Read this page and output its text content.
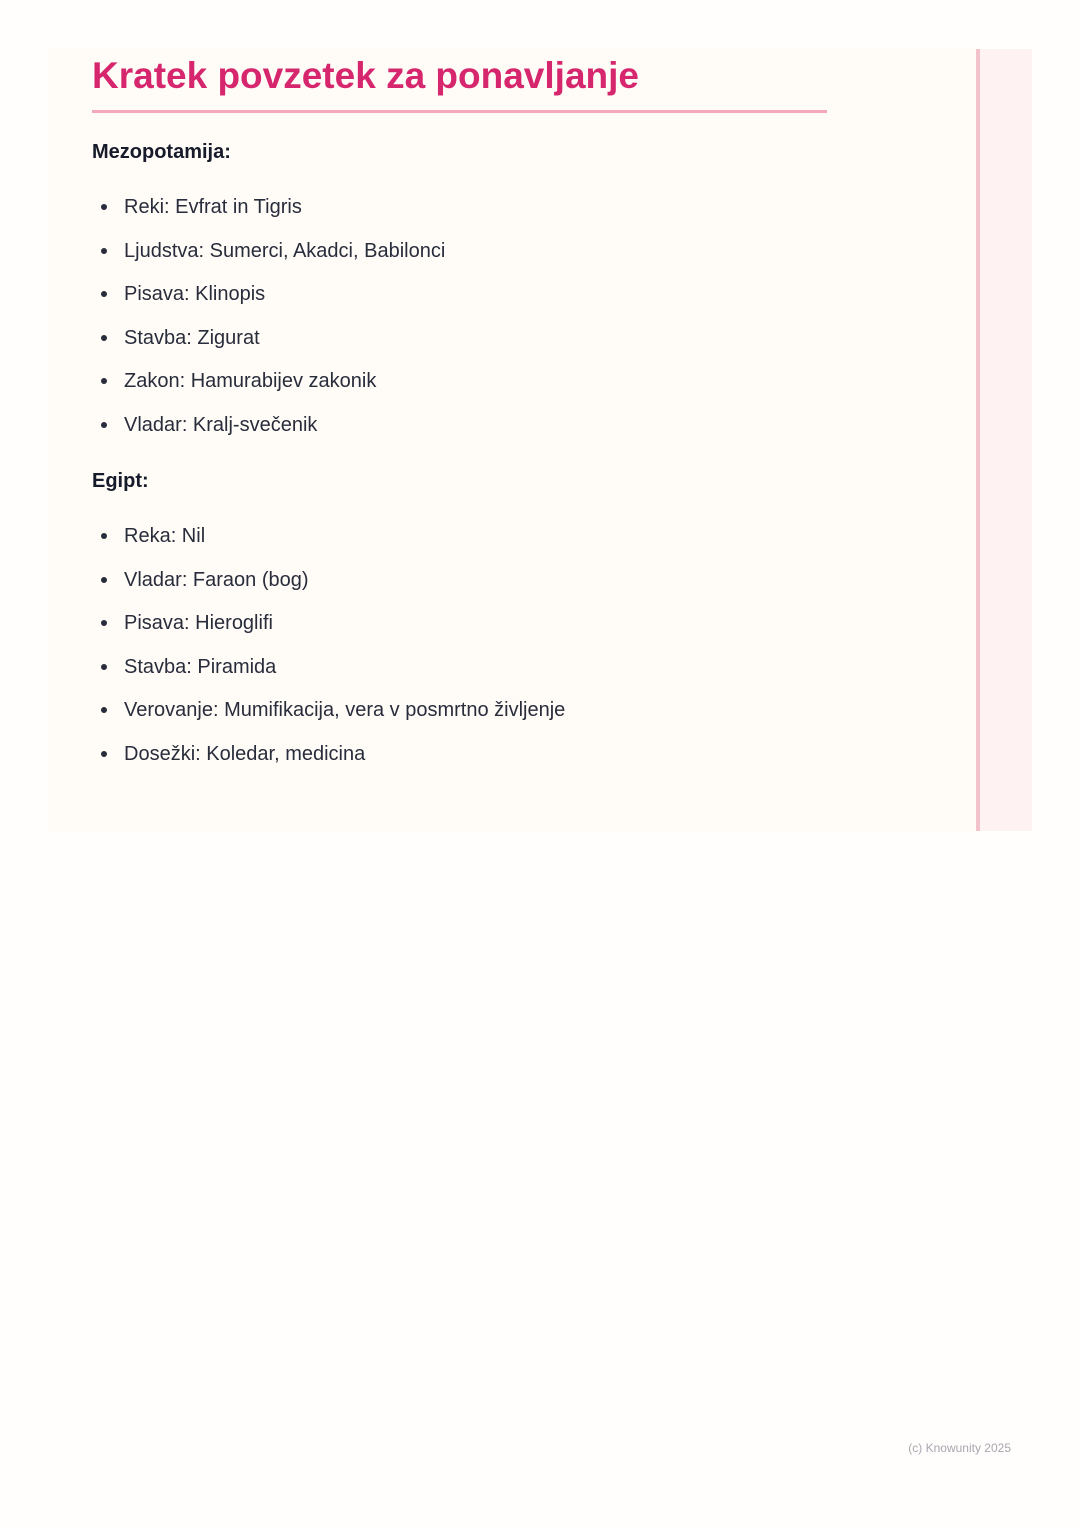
Kratek povzetek za ponavljanje
Mezopotamija:
Reki: Evfrat in Tigris
Ljudstva: Sumerci, Akadci, Babilonci
Pisava: Klinopis
Stavba: Zigurat
Zakon: Hamurabijev zakonik
Vladar: Kralj-svečenik
Egipt:
Reka: Nil
Vladar: Faraon (bog)
Pisava: Hieroglifi
Stavba: Piramida
Verovanje: Mumifikacija, vera v posmrtno življenje
Dosežki: Koledar, medicina
(c) Knowunity 2025
